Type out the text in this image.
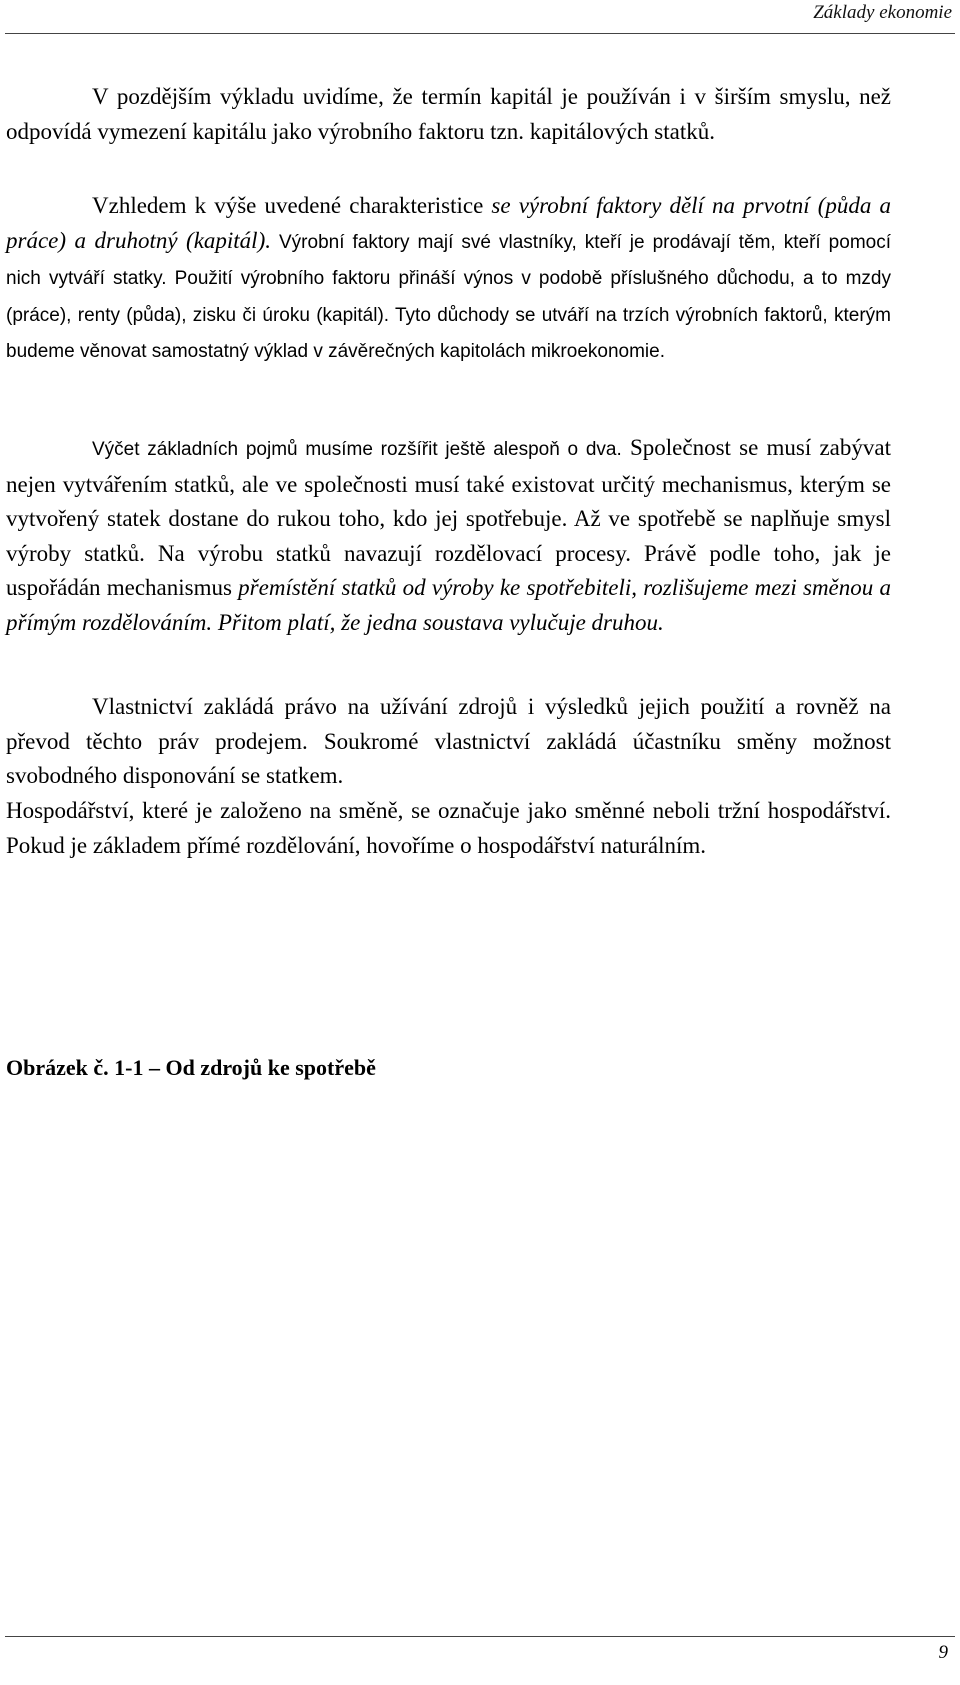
Základy ekonomie

V pozdějším výkladu uvidíme, že termín kapitál je používán i v širším smyslu, než odpovídá vymezení kapitálu jako výrobního faktoru tzn. kapitálových statků.

Vzhledem k výše uvedené charakteristice se výrobní faktory dělí na prvotní (půda a práce) a druhotný (kapitál). Výrobní faktory mají své vlastníky, kteří je prodávají těm, kteří pomocí nich vytváří statky. Použití výrobního faktoru přináší výnos v podobě příslušného důchodu, a to mzdy (práce), renty (půda), zisku či úroku (kapitál). Tyto důchody se utváří na trzích výrobních faktorů, kterým budeme věnovat samostatný výklad v závěrečných kapitolách mikroekonomie.

Výčet základních pojmů musíme rozšířit ještě alespoň o dva. Společnost se musí zabývat nejen vytvářením statků, ale ve společnosti musí také existovat určitý mechanismus, kterým se vytvořený statek dostane do rukou toho, kdo jej spotřebuje. Až ve spotřebě se naplňuje smysl výroby statků. Na výrobu statků navazují rozdělovací procesy. Právě podle toho, jak je uspořádán mechanismus přemístění statků od výroby ke spotřebiteli, rozlišujeme mezi směnou a přímým rozdělováním. Přitom platí, že jedna soustava vylučuje druhou.

Vlastnictví zakládá právo na užívání zdrojů i výsledků jejich použití a rovněž na převod těchto práv prodejem. Soukromé vlastnictví zakládá účastníku směny možnost svobodného disponování se statkem.

Hospodářství, které je založeno na směně, se označuje jako směnné neboli tržní hospodářství. Pokud je základem přímé rozdělování, hovoříme o hospodářství naturálním.

Obrázek č. 1-1 – Od zdrojů ke spotřebě

9
